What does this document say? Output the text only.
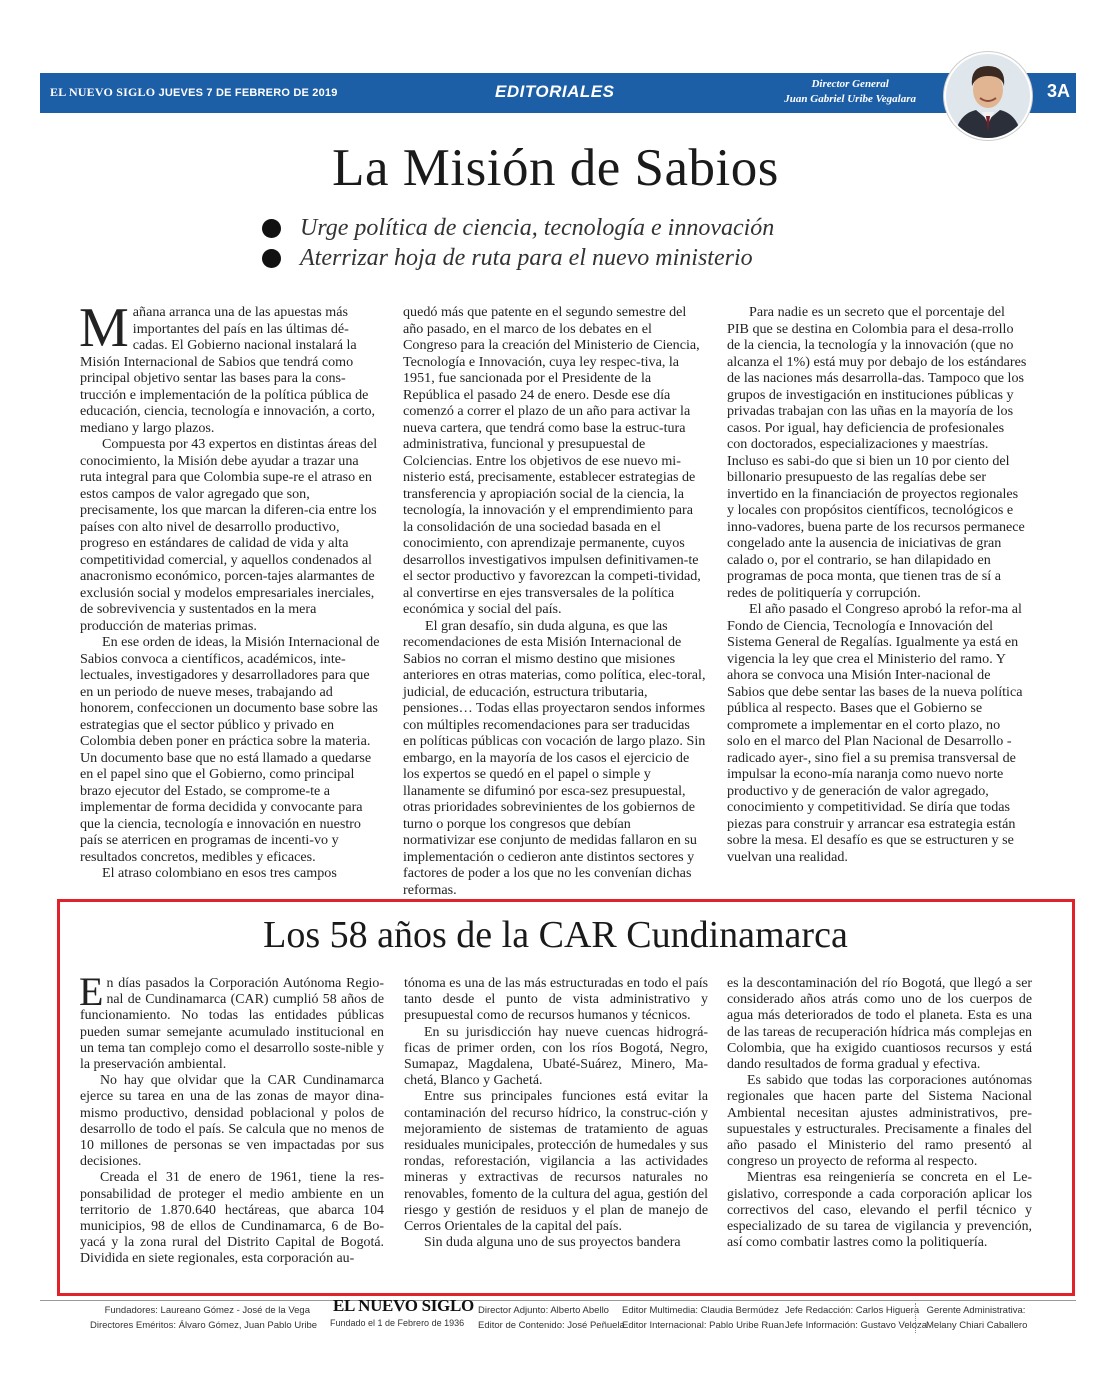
EL NUEVO SIGLO JUEVES 7 DE FEBRERO DE 2019	EDITORIALES	Director General
Juan Gabriel Uribe Vegalara	3A
La Misión de Sabios
Urge política de ciencia, tecnología e innovación
Aterrizar hoja de ruta para el nuevo ministerio

Mañana arranca una de las apuestas más importantes del país en las últimas dé-cadas. El Gobierno nacional instalará la Misión Internacional de Sabios que tendrá como principal objetivo sentar las bases para la cons-trucción e implementación de la política pública de educación, ciencia, tecnología e innovación, a corto, mediano y largo plazos.

Compuesta por 43 expertos en distintas áreas del conocimiento, la Misión debe ayudar a trazar una ruta integral para que Colombia supe-re el atraso en estos campos de valor agregado que son, precisamente, los que marcan la diferen-cia entre los países con alto nivel de desarrollo productivo, progreso en estándares de calidad de vida y alta competitividad comercial, y aquellos condenados al anacronismo económico, porcen-tajes alarmantes de exclusión social y modelos empresariales inerciales, de sobrevivencia y sustentados en la mera producción de materias primas.

En ese orden de ideas, la Misión Internacional de Sabios convoca a científicos, académicos, inte-lectuales, investigadores y desarrolladores para que en un periodo de nueve meses, trabajando ad honorem, confeccionen un documento base sobre las estrategias que el sector público y privado en Colombia deben poner en práctica sobre la materia. Un documento base que no está llamado a quedarse en el papel sino que el Gobierno, como principal brazo ejecutor del Estado, se comprome-te a implementar de forma decidida y convocante para que la ciencia, tecnología e innovación en nuestro país se aterricen en programas de incenti-vo y resultados concretos, medibles y eficaces.

El atraso colombiano en esos tres campos

quedó más que patente en el segundo semestre del año pasado, en el marco de los debates en el Congreso para la creación del Ministerio de Ciencia, Tecnología e Innovación, cuya ley respec-tiva, la 1951, fue sancionada por el Presidente de la República el pasado 24 de enero. Desde ese día comenzó a correr el plazo de un año para activar la nueva cartera, que tendrá como base la estruc-tura administrativa, funcional y presupuestal de Colciencias. Entre los objetivos de ese nuevo mi-nisterio está, precisamente, establecer estrategias de transferencia y apropiación social de la ciencia, la tecnología, la innovación y el emprendimiento para la consolidación de una sociedad basada en el conocimiento, con aprendizaje permanente, cuyos desarrollos investigativos impulsen definitivamen-te el sector productivo y favorezcan la competi-tividad, al convertirse en ejes transversales de la política económica y social del país.

El gran desafío, sin duda alguna, es que las recomendaciones de esta Misión Internacional de Sabios no corran el mismo destino que misiones anteriores en otras materias, como política, elec-toral, judicial, de educación, estructura tributaria, pensiones… Todas ellas proyectaron sendos informes con múltiples recomendaciones para ser traducidas en políticas públicas con vocación de largo plazo. Sin embargo, en la mayoría de los casos el ejercicio de los expertos se quedó en el papel o simple y llanamente se difuminó por esca-sez presupuestal, otras prioridades sobrevinientes de los gobiernos de turno o porque los congresos que debían normativizar ese conjunto de medidas fallaron en su implementación o cedieron ante distintos sectores y factores de poder a los que no les convenían dichas reformas.

Para nadie es un secreto que el porcentaje del PIB que se destina en Colombia para el desa-rrollo de la ciencia, la tecnología y la innovación (que no alcanza el 1%) está muy por debajo de los estándares de las naciones más desarrolla-das. Tampoco que los grupos de investigación en instituciones públicas y privadas trabajan con las uñas en la mayoría de los casos. Por igual, hay deficiencia de profesionales con doctorados, especializaciones y maestrías. Incluso es sabi-do que si bien un 10 por ciento del billonario presupuesto de las regalías debe ser invertido en la financiación de proyectos regionales y locales con propósitos científicos, tecnológicos e inno-vadores, buena parte de los recursos permanece congelado ante la ausencia de iniciativas de gran calado o, por el contrario, se han dilapidado en programas de poca monta, que tienen tras de sí a redes de politiquería y corrupción.

El año pasado el Congreso aprobó la refor-ma al Fondo de Ciencia, Tecnología e Innovación del Sistema General de Regalías. Igualmente ya está en vigencia la ley que crea el Ministerio del ramo. Y ahora se convoca una Misión Inter-nacional de Sabios que debe sentar las bases de la nueva política pública al respecto. Bases que el Gobierno se compromete a implementar en el corto plazo, no solo en el marco del Plan Nacional de Desarrollo -radicado ayer-, sino fiel a su premisa transversal de impulsar la econo-mía naranja como nuevo norte productivo y de generación de valor agregado, conocimiento y competitividad. Se diría que todas piezas para construir y arrancar esa estrategia están sobre la mesa. El desafío es que se estructuren y se vuelvan una realidad.

Los 58 años de la CAR Cundinamarca

En días pasados la Corporación Autónoma Regio-nal de Cundinamarca (CAR) cumplió 58 años de funcionamiento. No todas las entidades públicas pueden sumar semejante acumulado institucional en un tema tan complejo como el desarrollo soste-nible y la preservación ambiental.

No hay que olvidar que la CAR Cundinamarca ejerce su tarea en una de las zonas de mayor dina-mismo productivo, densidad poblacional y polos de desarrollo de todo el país. Se calcula que no menos de 10 millones de personas se ven impactadas por sus decisiones.

Creada el 31 de enero de 1961, tiene la res-ponsabilidad de proteger el medio ambiente en un territorio de 1.870.640 hectáreas, que abarca 104 municipios, 98 de ellos de Cundinamarca, 6 de Bo-yacá y la zona rural del Distrito Capital de Bogotá. Dividida en siete regionales, esta corporación au-

tónoma es una de las más estructuradas en todo el país tanto desde el punto de vista administrativo y presupuestal como de recursos humanos y técnicos.

En su jurisdicción hay nueve cuencas hidrográ-ficas de primer orden, con los ríos Bogotá, Negro, Sumapaz, Magdalena, Ubaté-Suárez, Minero, Ma-chetá, Blanco y Gachetá.

Entre sus principales funciones está evitar la contaminación del recurso hídrico, la construc-ción y mejoramiento de sistemas de tratamiento de aguas residuales municipales, protección de humedales y sus rondas, reforestación, vigilancia a las actividades mineras y extractivas de recursos naturales no renovables, fomento de la cultura del agua, gestión del riesgo y gestión de residuos y el plan de manejo de Cerros Orientales de la capital del país.

Sin duda alguna uno de sus proyectos bandera

es la descontaminación del río Bogotá, que llegó a ser considerado años atrás como uno de los cuerpos de agua más deteriorados de todo el planeta. Esta es una de las tareas de recuperación hídrica más complejas en Colombia, que ha exigido cuantiosos recursos y está dando resultados de forma gradual y efectiva.

Es sabido que todas las corporaciones autónomas regionales que hacen parte del Sistema Nacional Ambiental necesitan ajustes administrativos, pre-supuestales y estructurales. Precisamente a finales del año pasado el Ministerio del ramo presentó al congreso un proyecto de reforma al respecto.

Mientras esa reingeniería se concreta en el Le-gislativo, corresponde a cada corporación aplicar los correctivos del caso, elevando el perfil técnico y especializado de su tarea de vigilancia y prevención, así como combatir lastres como la politiquería.

Fundadores: Laureano Gómez - José de la Vega
Directores Eméritos: Álvaro Gómez, Juan Pablo Uribe
EL NUEVO SIGLO
Fundado el 1 de Febrero de 1936
Director Adjunto: Alberto Abello
Editor de Contenido: José Peñuela
Editor Multimedia: Claudia Bermúdez
Editor Internacional: Pablo Uribe Ruan
Jefe Redacción: Carlos Higuera
Jefe Información: Gustavo Veloza
Gerente Administrativa:
Melany Chiari Caballero
